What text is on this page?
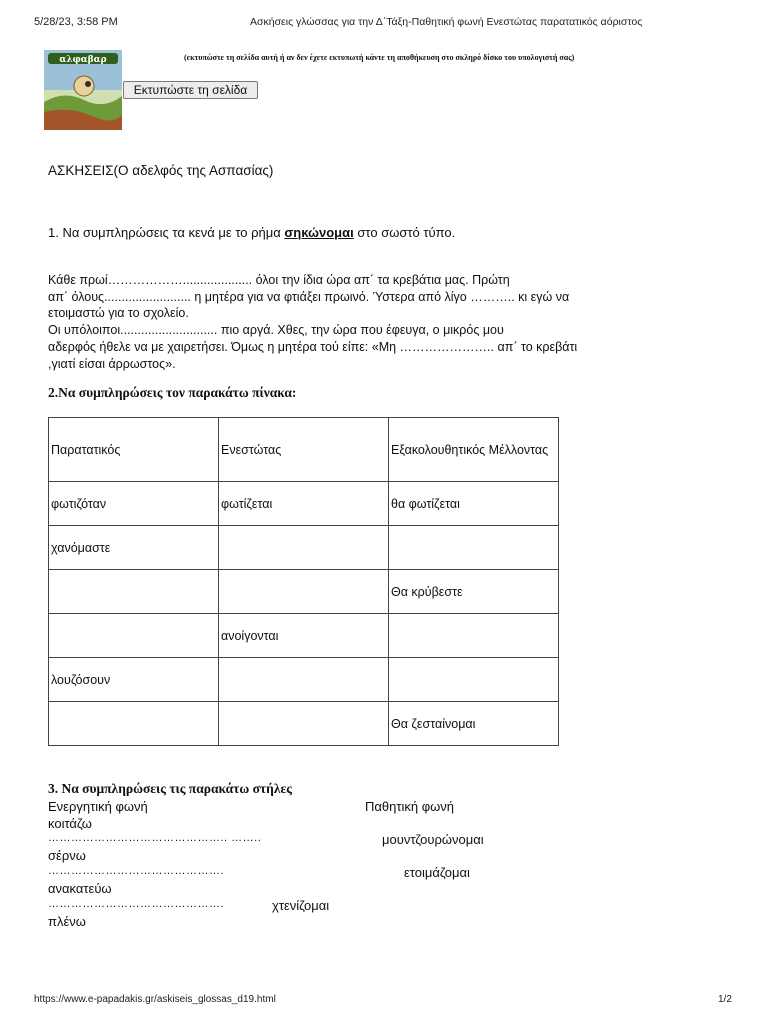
5/28/23, 3:58 PM	Ασκήσεις γλώσσας για την Δ΄Τάξη-Παθητική φωνή Ενεστώτας παρατατικός αόριστος
αλφαβαρ	(εκτυπώστε τη σελίδα αυτή ή αν δεν έχετε εκτυπωτή κάντε τη αποθήκευση στο σκληρό δίσκο του υπολογιστή σας)
Εκτυπώστε τη σελίδα
ΑΣΚΗΣΕΙΣ(Ο αδελφός της Ασπασίας)
1. Να συμπληρώσεις τα κενά με το ρήμα σηκώνομαι στο σωστό τύπο.
Κάθε πρωί……………….................... όλοι την ίδια ώρα απ΄ τα κρεβάτια μας. Πρώτη
απ΄ όλους......................... η μητέρα για να φτιάξει πρωινό. Ύστερα από λίγο ……….. κι εγώ να
ετοιμαστώ για το σχολείο.
Οι υπόλοιποι............................ πιο αργά. Χθες, την ώρα που έφευγα, ο μικρός μου
αδερφός ήθελε να με χαιρετήσει. Όμως η μητέρα τού είπε: «Μη ………………….. απ΄ το κρεβάτι
,γιατί είσαι άρρωστος».
2.Να συμπληρώσεις τον παρακάτω πίνακα:
Παρατατικός	Ενεστώτας	Εξακολουθητικός Μέλλοντας
φωτιζόταν	φωτίζεται	θα φωτίζεται
χανόμαστε		
		Θα κρύβεστε
	ανοίγονται	
λουζόσουν		
		Θα ζεσταίνομαι
3. Να συμπληρώσεις τις παρακάτω στήλες
Ενεργητική φωνή	Παθητική φωνή
κοιτάζω
……………………………………….. ……..	μουντζουρώνομαι
σέρνω
……………………………………….	ετοιμάζομαι
ανακατεύω
……………………………………….	χτενίζομαι
πλένω
https://www.e-papadakis.gr/askiseis_glossas_d19.html	1/2
